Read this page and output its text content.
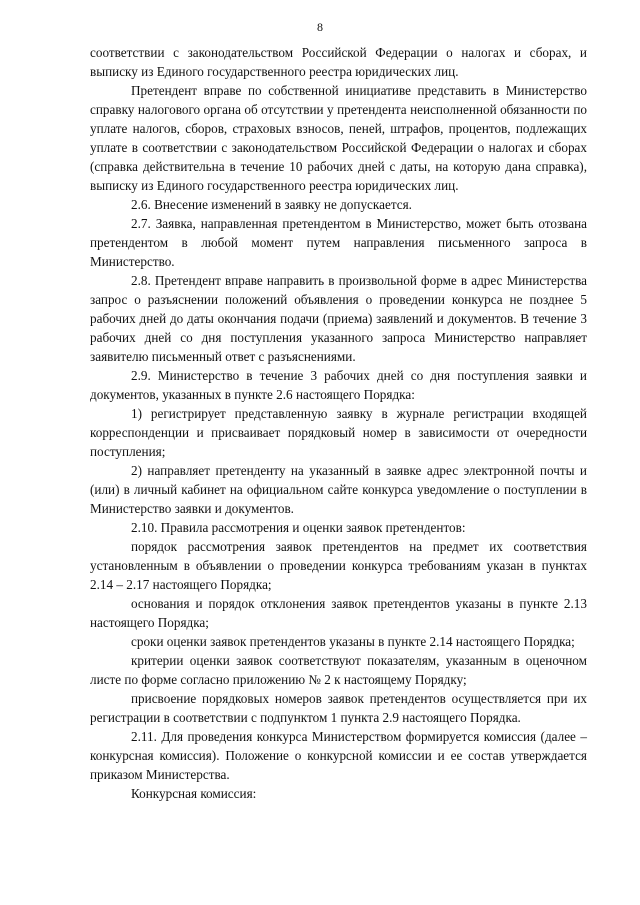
8

соответствии с законодательством Российской Федерации о налогах и сборах, и выписку из Единого государственного реестра юридических лиц.

Претендент вправе по собственной инициативе представить в Министерство справку налогового органа об отсутствии у претендента неисполненной обязанности по уплате налогов, сборов, страховых взносов, пеней, штрафов, процентов, подлежащих уплате в соответствии с законодательством Российской Федерации о налогах и сборах (справка действительна в течение 10 рабочих дней с даты, на которую дана справка), выписку из Единого государственного реестра юридических лиц.

2.6. Внесение изменений в заявку не допускается.

2.7. Заявка, направленная претендентом в Министерство, может быть отозвана претендентом в любой момент путем направления письменного запроса в Министерство.

2.8. Претендент вправе направить в произвольной форме в адрес Министерства запрос о разъяснении положений объявления о проведении конкурса не позднее 5 рабочих дней до даты окончания подачи (приема) заявлений и документов. В течение 3 рабочих дней со дня поступления указанного запроса Министерство направляет заявителю письменный ответ с разъяснениями.

2.9. Министерство в течение 3 рабочих дней со дня поступления заявки и документов, указанных в пункте 2.6 настоящего Порядка:

1) регистрирует представленную заявку в журнале регистрации входящей корреспонденции и присваивает порядковый номер в зависимости от очередности поступления;

2) направляет претенденту на указанный в заявке адрес электронной почты и (или) в личный кабинет на официальном сайте конкурса уведомление о поступлении в Министерство заявки и документов.

2.10. Правила рассмотрения и оценки заявок претендентов:

порядок рассмотрения заявок претендентов на предмет их соответствия установленным в объявлении о проведении конкурса требованиям указан в пунктах 2.14 – 2.17 настоящего Порядка;

основания и порядок отклонения заявок претендентов указаны в пункте 2.13 настоящего Порядка;

сроки оценки заявок претендентов указаны в пункте 2.14 настоящего Порядка;

критерии оценки заявок соответствуют показателям, указанным в оценочном листе по форме согласно приложению № 2 к настоящему Порядку;

присвоение порядковых номеров заявок претендентов осуществляется при их регистрации в соответствии с подпунктом 1 пункта 2.9 настоящего Порядка.

2.11. Для проведения конкурса Министерством формируется комиссия (далее – конкурсная комиссия). Положение о конкурсной комиссии и ее состав утверждается приказом Министерства.

Конкурсная комиссия:
